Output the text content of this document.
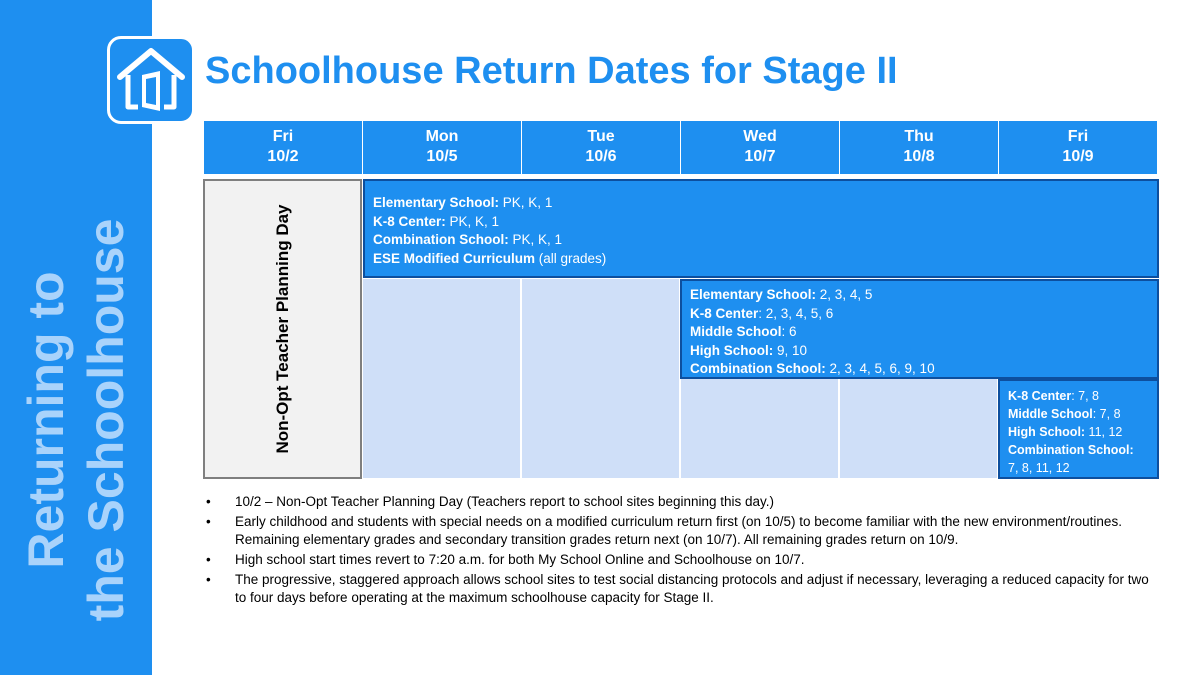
Returning to the Schoolhouse
Schoolhouse Return Dates for Stage II
Fri
10/2
Mon
10/5
Tue
10/6
Wed
10/7
Thu
10/8
Fri
10/9
Non-Opt Teacher Planning Day
Elementary School: PK, K, 1
K-8 Center: PK, K, 1
Combination School: PK, K, 1
ESE Modified Curriculum (all grades)
Elementary School: 2, 3, 4, 5
K-8 Center: 2, 3, 4, 5, 6
Middle School: 6
High School: 9, 10
Combination School: 2, 3, 4, 5, 6, 9, 10
K-8 Center: 7, 8
Middle School: 7, 8
High School: 11, 12
Combination School:
7, 8, 11, 12
• 10/2 – Non-Opt Teacher Planning Day (Teachers report to school sites beginning this day.)
• Early childhood and students with special needs on a modified curriculum return first (on 10/5) to become familiar with the new environment/routines. Remaining elementary grades and secondary transition grades return next (on 10/7). All remaining grades return on 10/9.
• High school start times revert to 7:20 a.m. for both My School Online and Schoolhouse on 10/7.
• The progressive, staggered approach allows school sites to test social distancing protocols and adjust if necessary, leveraging a reduced capacity for two to four days before operating at the maximum schoolhouse capacity for Stage II.
